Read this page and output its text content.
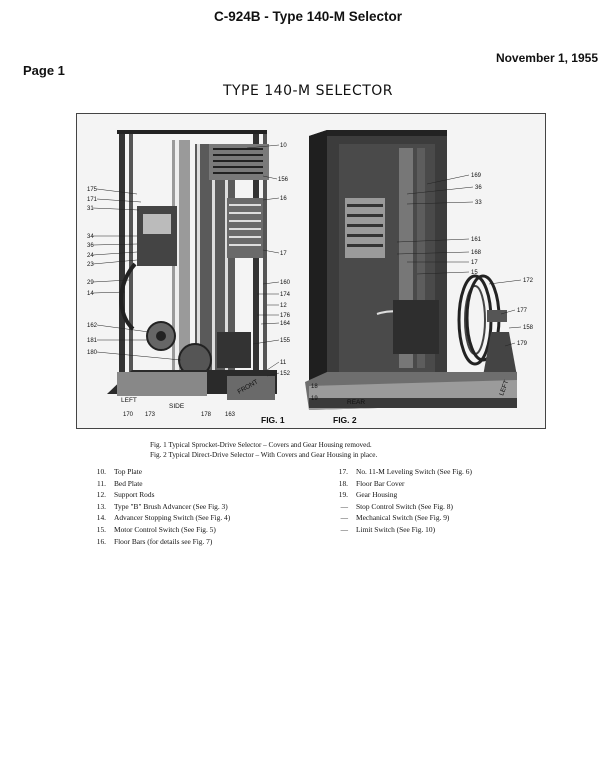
C-924B - Type 140-M Selector
November 1, 1955
Page 1
TYPE 140-M SELECTOR
175
171
31
34
36
24
23
29
14
162
181
180
10
156
16
17
160
174
12
176
164
155
11
152
170 173	178 163
169
36
33
161
168
17
15
172
177
158
179
18
19
LEFT
SIDE
FRONT
REAR
LEFT
FIG. 1	FIG. 2
Fig. 1 Typical Sprocket-Drive Selector – Covers and Gear Housing removed.
Fig. 2 Typical Direct-Drive Selector – With Covers and Gear Housing in place.
10. Top Plate
11. Bed Plate
12. Support Rods
13. Type "B" Brush Advancer (See Fig. 3)
14. Advancer Stopping Switch (See Fig. 4)
15. Motor Control Switch (See Fig. 5)
16. Floor Bars (for details see Fig. 7)
17. No. 11-M Leveling Switch (See Fig. 6)
18. Floor Bar Cover
19. Gear Housing
— Stop Control Switch (See Fig. 8)
— Mechanical Switch (See Fig. 9)
— Limit Switch (See Fig. 10)
